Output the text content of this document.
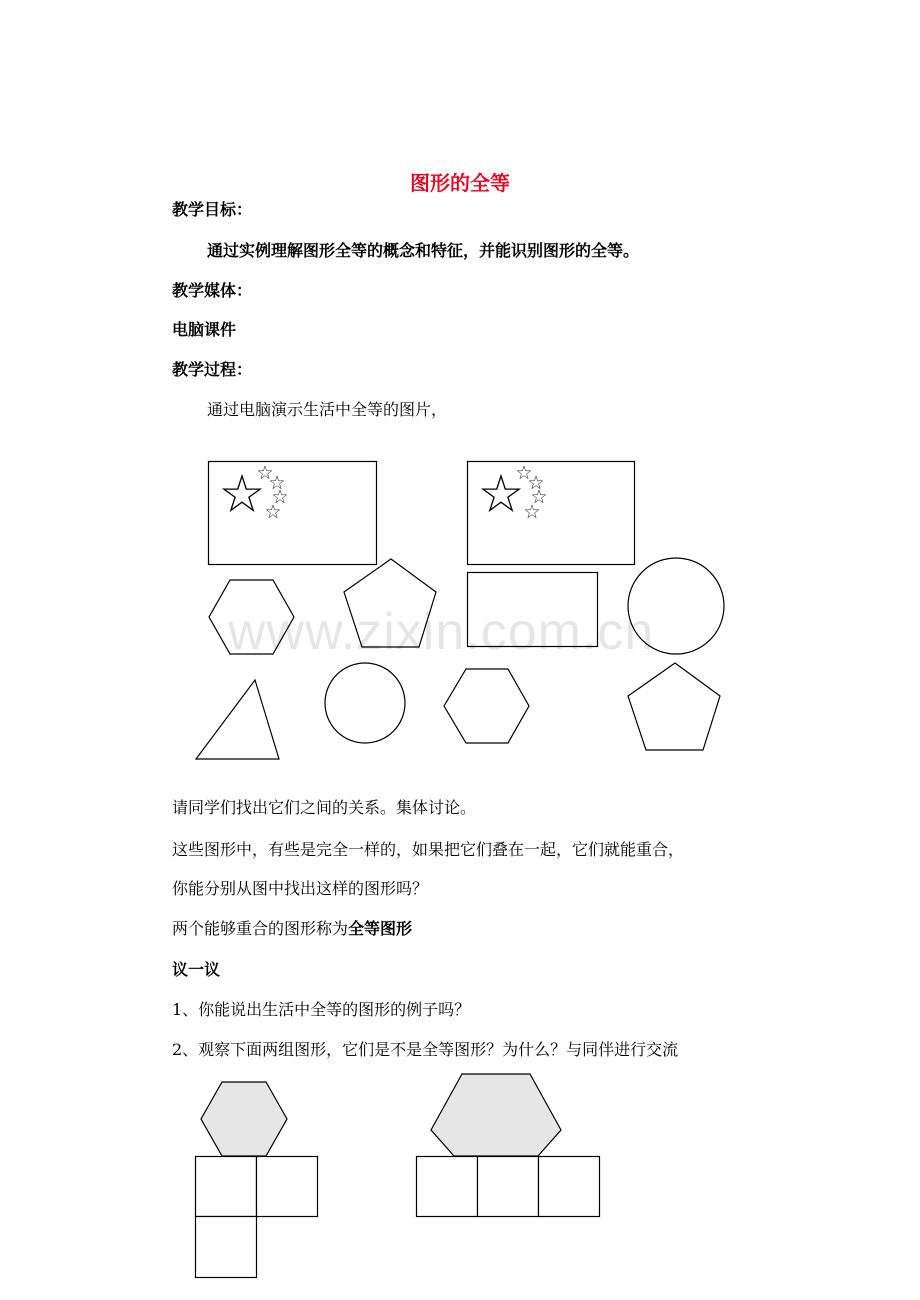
图形的全等
教学目标：
通过实例理解图形全等的概念和特征，并能识别图形的全等。
教学媒体：
电脑课件
教学过程：
通过电脑演示生活中全等的图片，
www.zixin.com.cn
请同学们找出它们之间的关系。集体讨论。
这些图形中，有些是完全一样的，如果把它们叠在一起，它们就能重合，
你能分别从图中找出这样的图形吗？
两个能够重合的图形称为全等图形
议一议
1、你能说出生活中全等的图形的例子吗？
2、观察下面两组图形，它们是不是全等图形？为什么？与同伴进行交流
